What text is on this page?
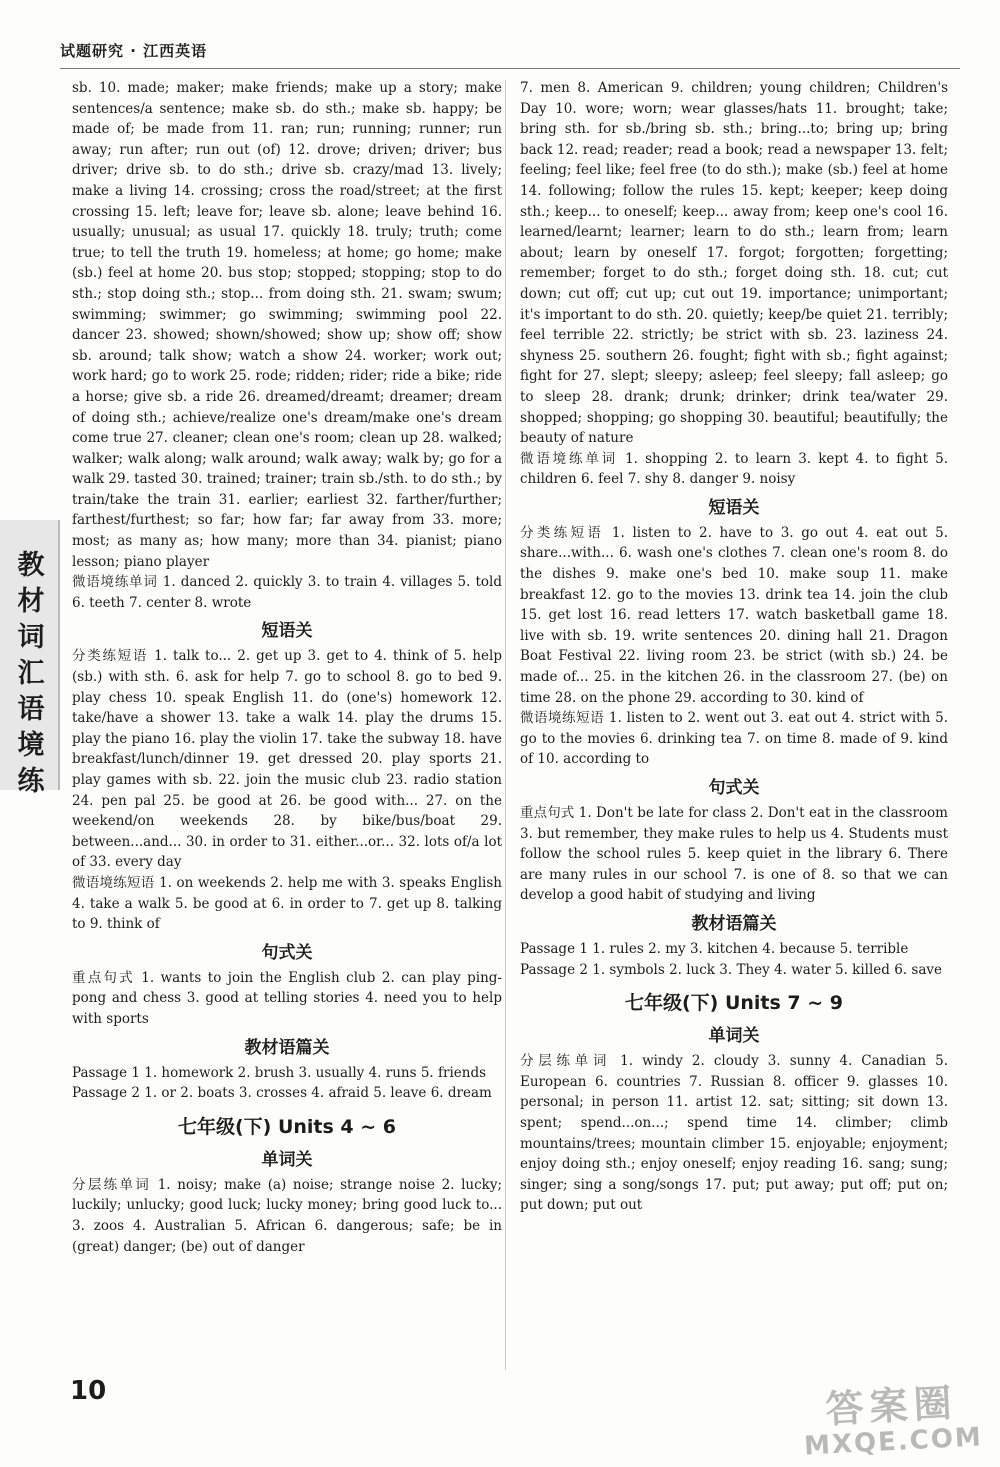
试题研究 · 江西英语
教材词汇语境练

sb. 10. made; maker; make friends; make up a story; make sentences/a sentence; make sb. do sth.; make sb. happy; be made of; be made from 11. ran; run; running; runner; run away; run after; run out (of) 12. drove; driven; driver; bus driver; drive sb. to do sth.; drive sb. crazy/mad 13. lively; make a living 14. crossing; cross the road/street; at the first crossing 15. left; leave for; leave sb. alone; leave behind 16. usually; unusual; as usual 17. quickly 18. truly; truth; come true; to tell the truth 19. homeless; at home; go home; make (sb.) feel at home 20. bus stop; stopped; stopping; stop to do sth.; stop doing sth.; stop... from doing sth. 21. swam; swum; swimming; swimmer; go swimming; swimming pool 22. dancer 23. showed; shown/showed; show up; show off; show sb. around; talk show; watch a show 24. worker; work out; work hard; go to work 25. rode; ridden; rider; ride a bike; ride a horse; give sb. a ride 26. dreamed/dreamt; dreamer; dream of doing sth.; achieve/realize one's dream/make one's dream come true 27. cleaner; clean one's room; clean up 28. walked; walker; walk along; walk around; walk away; walk by; go for a walk 29. tasted 30. trained; trainer; train sb./sth. to do sth.; by train/take the train 31. earlier; earliest 32. farther/further; farthest/furthest; so far; how far; far away from 33. more; most; as many as; how many; more than 34. pianist; piano lesson; piano player

微语境练单词 1. danced 2. quickly 3. to train 4. villages 5. told 6. teeth 7. center 8. wrote

短语关

分类练短语 1. talk to... 2. get up 3. get to 4. think of 5. help (sb.) with sth. 6. ask for help 7. go to school 8. go to bed 9. play chess 10. speak English 11. do (one's) homework 12. take/have a shower 13. take a walk 14. play the drums 15. play the piano 16. play the violin 17. take the subway 18. have breakfast/lunch/dinner 19. get dressed 20. play sports 21. play games with sb. 22. join the music club 23. radio station 24. pen pal 25. be good at 26. be good with... 27. on the weekend/on weekends 28. by bike/bus/boat 29. between...and... 30. in order to 31. either...or... 32. lots of/a lot of 33. every day

微语境练短语 1. on weekends 2. help me with 3. speaks English 4. take a walk 5. be good at 6. in order to 7. get up 8. talking to 9. think of

句式关

重点句式 1. wants to join the English club 2. can play ping-pong and chess 3. good at telling stories 4. need you to help with sports

教材语篇关

Passage 1 1. homework 2. brush 3. usually 4. runs 5. friends

Passage 2 1. or 2. boats 3. crosses 4. afraid 5. leave 6. dream

七年级(下) Units 4 ~ 6
单词关

分层练单词 1. noisy; make (a) noise; strange noise 2. lucky; luckily; unlucky; good luck; lucky money; bring good luck to... 3. zoos 4. Australian 5. African 6. dangerous; safe; be in (great) danger; (be) out of danger

7. men 8. American 9. children; young children; Children's Day 10. wore; worn; wear glasses/hats 11. brought; take; bring sth. for sb./bring sb. sth.; bring...to; bring up; bring back 12. read; reader; read a book; read a newspaper 13. felt; feeling; feel like; feel free (to do sth.); make (sb.) feel at home 14. following; follow the rules 15. kept; keeper; keep doing sth.; keep... to oneself; keep... away from; keep one's cool 16. learned/learnt; learner; learn to do sth.; learn from; learn about; learn by oneself 17. forgot; forgotten; forgetting; remember; forget to do sth.; forget doing sth. 18. cut; cut down; cut off; cut up; cut out 19. importance; unimportant; it's important to do sth. 20. quietly; keep/be quiet 21. terribly; feel terrible 22. strictly; be strict with sb. 23. laziness 24. shyness 25. southern 26. fought; fight with sb.; fight against; fight for 27. slept; sleepy; asleep; feel sleepy; fall asleep; go to sleep 28. drank; drunk; drinker; drink tea/water 29. shopped; shopping; go shopping 30. beautiful; beautifully; the beauty of nature

微语境练单词 1. shopping 2. to learn 3. kept 4. to fight 5. children 6. feel 7. shy 8. danger 9. noisy

短语关

分类练短语 1. listen to 2. have to 3. go out 4. eat out 5. share...with... 6. wash one's clothes 7. clean one's room 8. do the dishes 9. make one's bed 10. make soup 11. make breakfast 12. go to the movies 13. drink tea 14. join the club 15. get lost 16. read letters 17. watch basketball game 18. live with sb. 19. write sentences 20. dining hall 21. Dragon Boat Festival 22. living room 23. be strict (with sb.) 24. be made of... 25. in the kitchen 26. in the classroom 27. (be) on time 28. on the phone 29. according to 30. kind of

微语境练短语 1. listen to 2. went out 3. eat out 4. strict with 5. go to the movies 6. drinking tea 7. on time 8. made of 9. kind of 10. according to

句式关

重点句式 1. Don't be late for class 2. Don't eat in the classroom 3. but remember, they make rules to help us 4. Students must follow the school rules 5. keep quiet in the library 6. There are many rules in our school 7. is one of 8. so that we can develop a good habit of studying and living

教材语篇关

Passage 1 1. rules 2. my 3. kitchen 4. because 5. terrible

Passage 2 1. symbols 2. luck 3. They 4. water 5. killed 6. save

七年级(下) Units 7 ~ 9
单词关

分层练单词 1. windy 2. cloudy 3. sunny 4. Canadian 5. European 6. countries 7. Russian 8. officer 9. glasses 10. personal; in person 11. artist 12. sat; sitting; sit down 13. spent; spend...on...; spend time 14. climber; climb mountains/trees; mountain climber 15. enjoyable; enjoyment; enjoy doing sth.; enjoy oneself; enjoy reading 16. sang; sung; singer; sing a song/songs 17. put; put away; put off; put on; put down; put out

10	答案圈
MXQE.COM
